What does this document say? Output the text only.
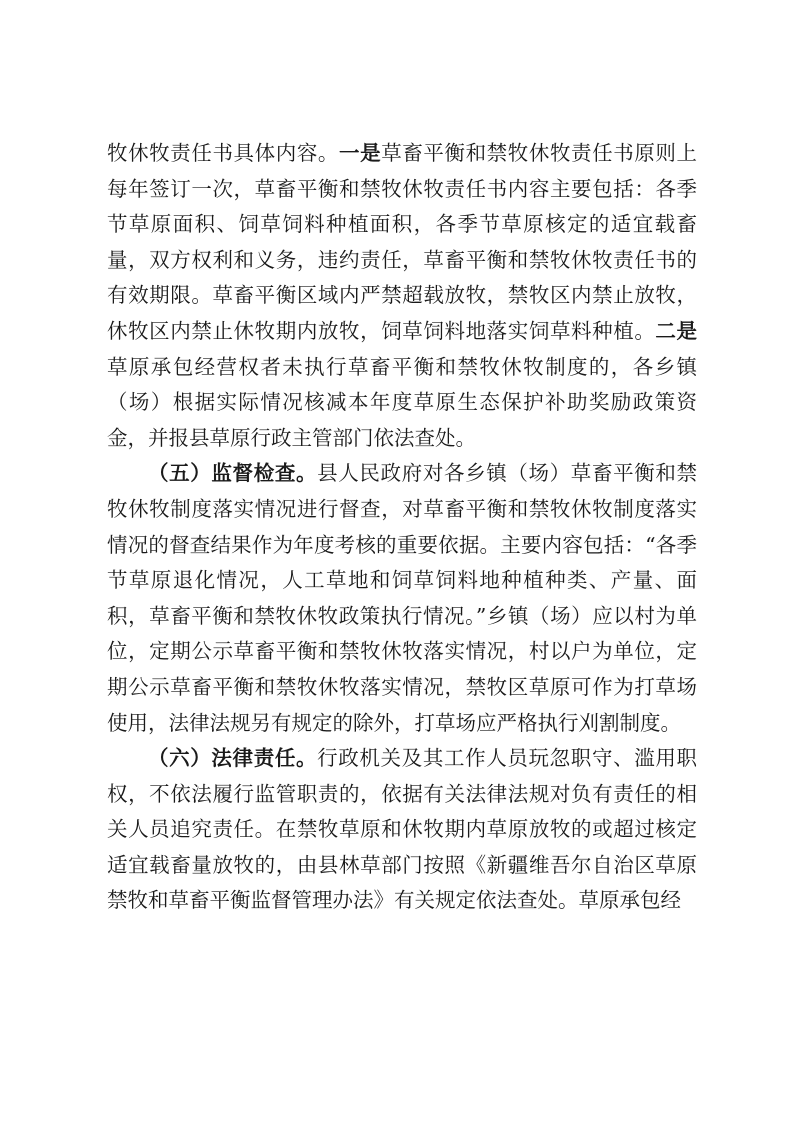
牧休牧责任书具体内容。一是草畜平衡和禁牧休牧责任书原则上每年签订一次，草畜平衡和禁牧休牧责任书内容主要包括：各季节草原面积、饲草饲料种植面积，各季节草原核定的适宜载畜量，双方权利和义务，违约责任，草畜平衡和禁牧休牧责任书的有效期限。草畜平衡区域内严禁超载放牧，禁牧区内禁止放牧，休牧区内禁止休牧期内放牧，饲草饲料地落实饲草料种植。二是草原承包经营权者未执行草畜平衡和禁牧休牧制度的，各乡镇（场）根据实际情况核减本年度草原生态保护补助奖励政策资金，并报县草原行政主管部门依法查处。

（五）监督检查。县人民政府对各乡镇（场）草畜平衡和禁牧休牧制度落实情况进行督查，对草畜平衡和禁牧休牧制度落实情况的督查结果作为年度考核的重要依据。主要内容包括：“各季节草原退化情况，人工草地和饲草饲料地种植种类、产量、面积，草畜平衡和禁牧休牧政策执行情况。”乡镇（场）应以村为单位，定期公示草畜平衡和禁牧休牧落实情况，村以户为单位，定期公示草畜平衡和禁牧休牧落实情况，禁牧区草原可作为打草场使用，法律法规另有规定的除外，打草场应严格执行刈割制度。

（六）法律责任。行政机关及其工作人员玩忽职守、滥用职权，不依法履行监管职责的，依据有关法律法规对负有责任的相关人员追究责任。在禁牧草原和休牧期内草原放牧的或超过核定适宜载畜量放牧的，由县林草部门按照《新疆维吾尔自治区草原禁牧和草畜平衡监督管理办法》有关规定依法查处。草原承包经
